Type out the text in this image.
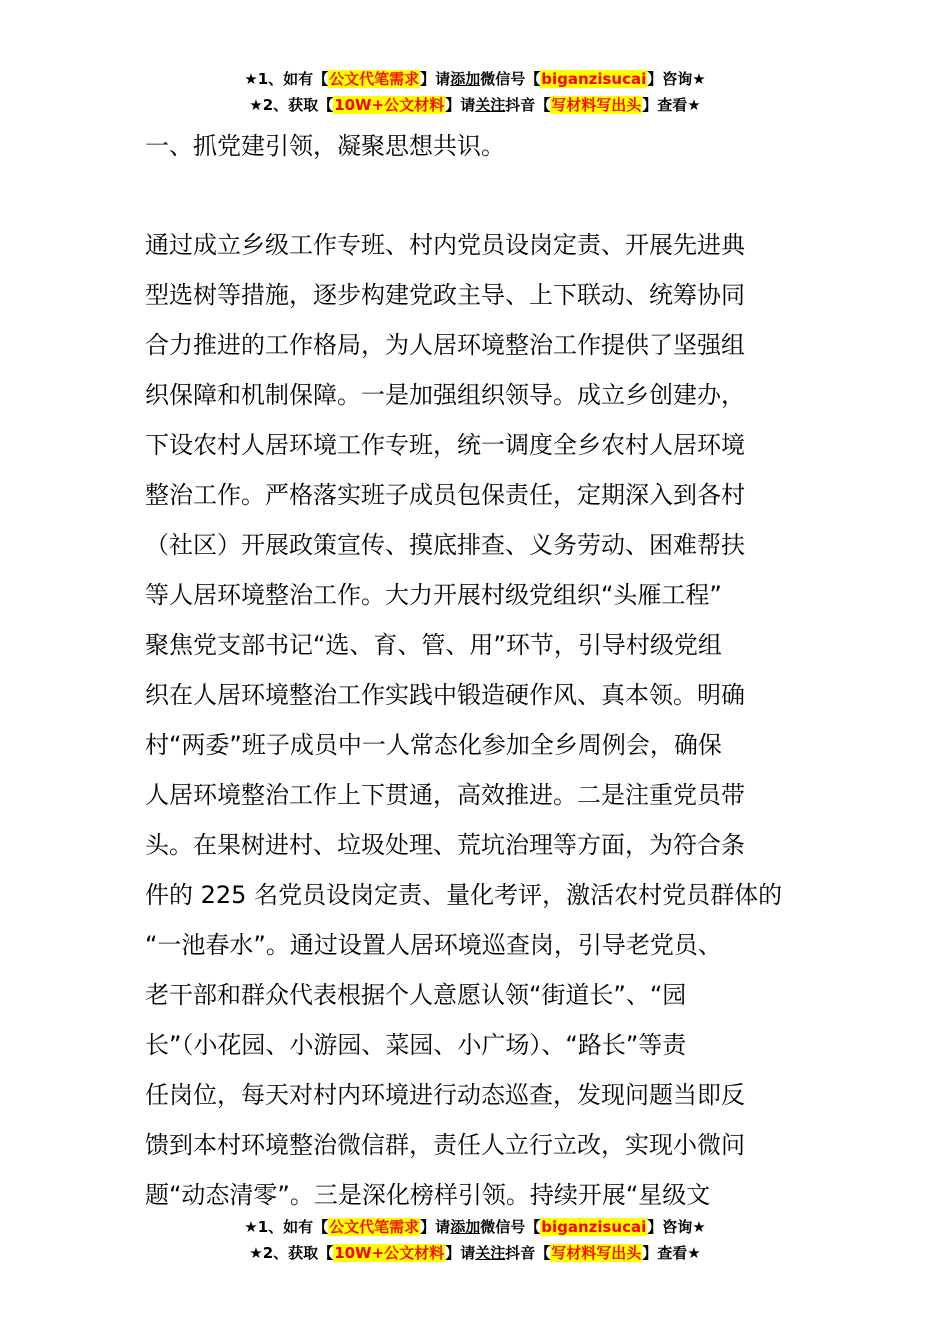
★1、如有【公文代笔需求】请添加微信号【biganzisucai】咨询★
★2、获取【10W+公文材料】请关注抖音【写材料写出头】查看★
一、抓党建引领，凝聚思想共识。
通过成立乡级工作专班、村内党员设岗定责、开展先进典
型选树等措施，逐步构建党政主导、上下联动、统筹协同
合力推进的工作格局，为人居环境整治工作提供了坚强组
织保障和机制保障。一是加强组织领导。成立乡创建办，
下设农村人居环境工作专班，统一调度全乡农村人居环境
整治工作。严格落实班子成员包保责任，定期深入到各村
（社区）开展政策宣传、摸底排查、义务劳动、困难帮扶
等人居环境整治工作。大力开展村级党组织“头雁工程”
聚焦党支部书记“选、育、管、用”环节，引导村级党组
织在人居环境整治工作实践中锻造硬作风、真本领。明确
村“两委”班子成员中一人常态化参加全乡周例会，确保
人居环境整治工作上下贯通，高效推进。二是注重党员带
头。在果树进村、垃圾处理、荒坑治理等方面，为符合条
件的 225 名党员设岗定责、量化考评，激活农村党员群体的
“一池春水”。通过设置人居环境巡查岗，引导老党员、
老干部和群众代表根据个人意愿认领“街道长”、“园
长”（小花园、小游园、菜园、小广场）、“路长”等责
任岗位，每天对村内环境进行动态巡查，发现问题当即反
馈到本村环境整治微信群，责任人立行立改，实现小微问
题“动态清零”。三是深化榜样引领。持续开展“星级文
★1、如有【公文代笔需求】请添加微信号【biganzisucai】咨询★
★2、获取【10W+公文材料】请关注抖音【写材料写出头】查看★
